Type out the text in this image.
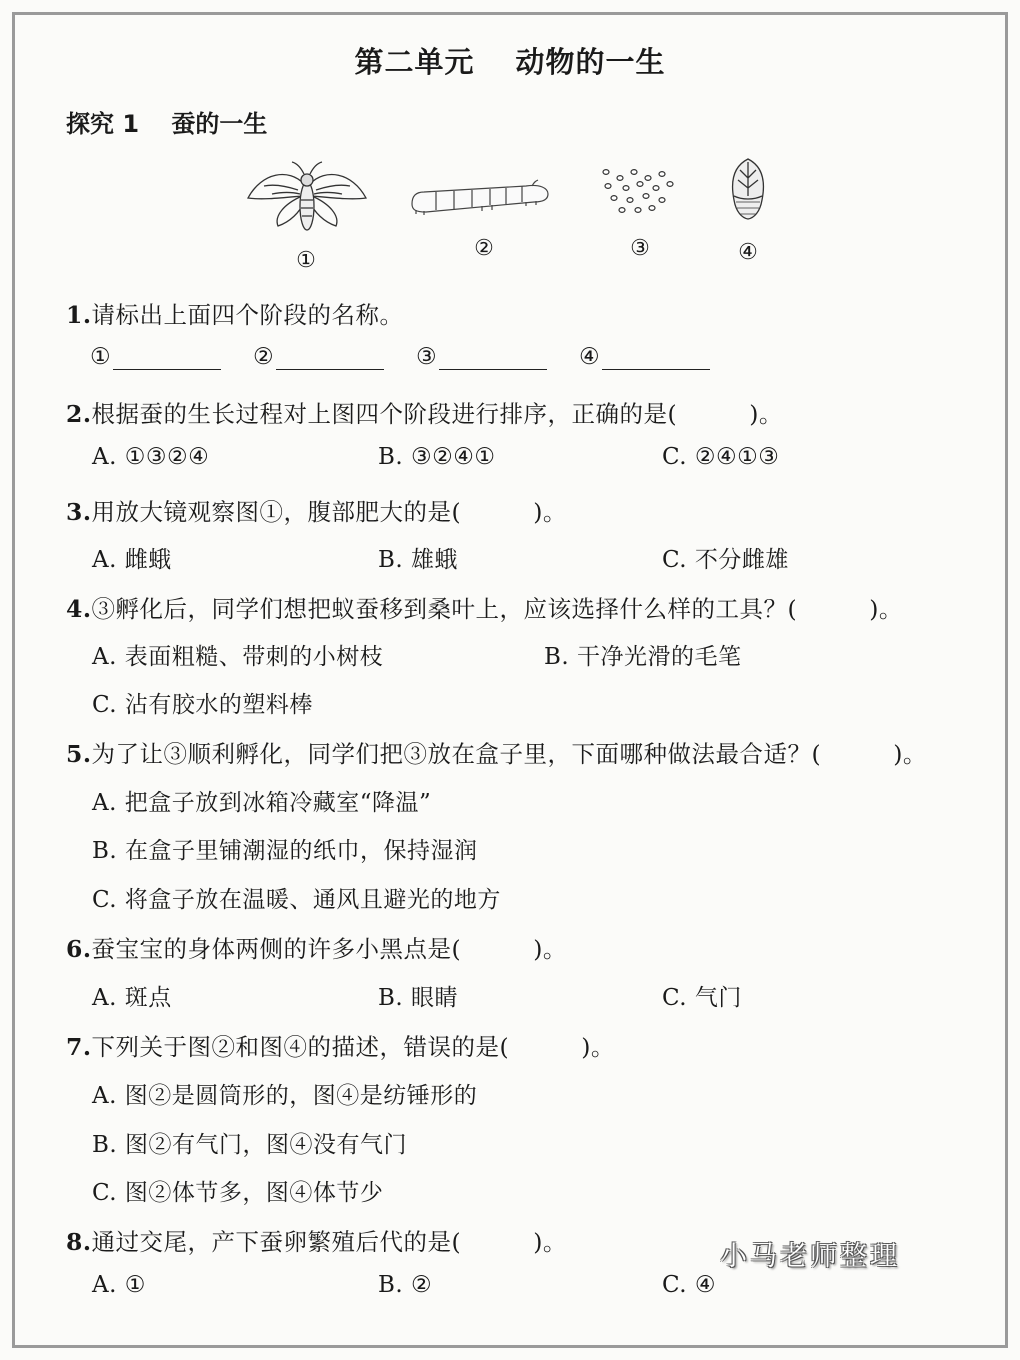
第二单元　 动物的一生
探究 1　 蚕的一生
①	②	③	④
1.请标出上面四个阶段的名称。
①	②	③	④
2.根据蚕的生长过程对上图四个阶段进行排序，正确的是(　　　)。
A. ①③②④	B. ③②④①	C. ②④①③
3.用放大镜观察图①，腹部肥大的是(　　　)。
A. 雌蛾	B. 雄蛾	C. 不分雌雄
4.③孵化后，同学们想把蚁蚕移到桑叶上，应该选择什么样的工具？(　　　)。
A. 表面粗糙、带刺的小树枝	B. 干净光滑的毛笔
C. 沾有胶水的塑料棒
5.为了让③顺利孵化，同学们把③放在盒子里，下面哪种做法最合适？(　　　)。
A. 把盒子放到冰箱冷藏室“降温”
B. 在盒子里铺潮湿的纸巾，保持湿润
C. 将盒子放在温暖、通风且避光的地方
6.蚕宝宝的身体两侧的许多小黑点是(　　　)。
A. 斑点	B. 眼睛	C. 气门
7.下列关于图②和图④的描述，错误的是(　　　)。
A. 图②是圆筒形的，图④是纺锤形的
B. 图②有气门，图④没有气门
C. 图②体节多，图④体节少
8.通过交尾，产下蚕卵繁殖后代的是(　　　)。
A. ①	B. ②	C. ④
小马老师整理
